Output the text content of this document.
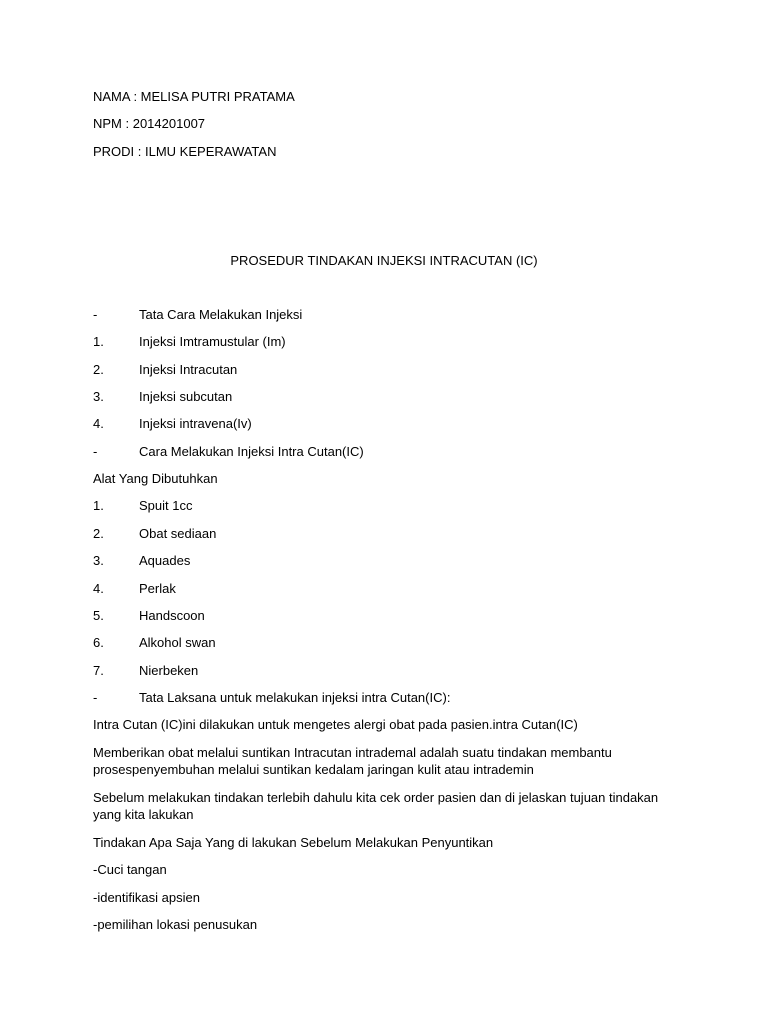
NAMA : MELISA PUTRI PRATAMA
NPM : 2014201007
PRODI : ILMU KEPERAWATAN
PROSEDUR TINDAKAN INJEKSI INTRACUTAN (IC)
-	Tata Cara Melakukan Injeksi
1.	Injeksi Imtramustular (Im)
2.	Injeksi Intracutan
3.	Injeksi subcutan
4.	Injeksi intravena(Iv)
-	Cara Melakukan Injeksi Intra Cutan(IC)
Alat Yang Dibutuhkan
1.	Spuit 1cc
2.	Obat sediaan
3.	Aquades
4.	Perlak
5.	Handscoon
6.	Alkohol swan
7.	Nierbeken
-	Tata Laksana untuk melakukan injeksi intra Cutan(IC):
Intra Cutan (IC)ini dilakukan untuk mengetes alergi obat pada pasien.intra Cutan(IC)
Memberikan obat melalui suntikan Intracutan intrademal adalah suatu tindakan membantu prosespenyembuhan melalui suntikan kedalam jaringan kulit atau intrademin
Sebelum melakukan tindakan terlebih dahulu kita cek order pasien dan di jelaskan tujuan tindakan yang kita lakukan
Tindakan Apa Saja Yang di lakukan Sebelum Melakukan Penyuntikan
-Cuci tangan
-identifikasi apsien
-pemilihan lokasi penusukan
